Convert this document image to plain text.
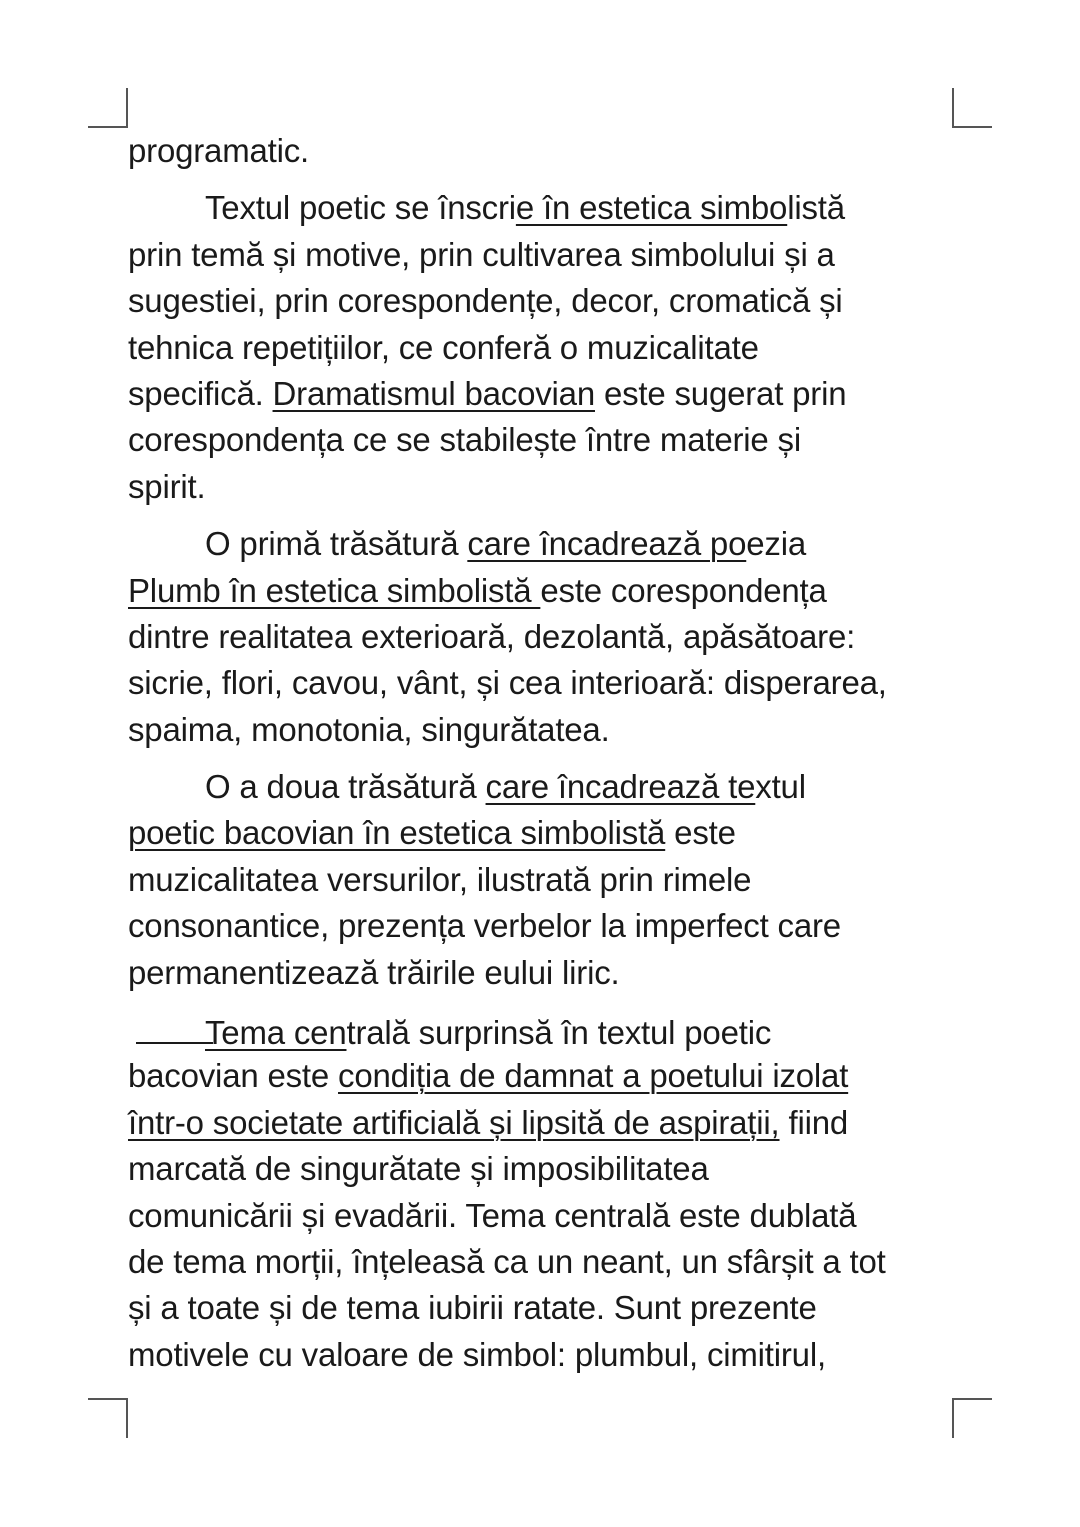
programatic.
Textul poetic se înscrie în estetica simbolistă
prin temă și motive, prin cultivarea simbolului și a
sugestiei, prin corespondențe, decor, cromatică și
tehnica repetițiilor, ce conferă o muzicalitate
specifică. Dramatismul bacovian este sugerat prin
corespondența ce se stabilește între materie și
spirit.
O primă trăsătură care încadrează poezia
Plumb în estetica simbolistă este corespondența
dintre realitatea exterioară, dezolantă, apăsătoare:
sicrie, flori, cavou, vânt, și cea interioară: disperarea,
spaima, monotonia, singurătatea.
O a doua trăsătură care încadrează textul
poetic bacovian în estetica simbolistă este
muzicalitatea versurilor, ilustrată prin rimele
consonantice, prezența verbelor la imperfect care
permanentizează trăirile eului liric.
Tema centrală surprinsă în textul poetic
bacovian este condiția de damnat a poetului izolat
într-o societate artificială și lipsită de aspirații, fiind
marcată de singurătate și imposibilitatea
comunicării și evadării. Tema centrală este dublată
de tema morții, înțeleasă ca un neant, un sfârșit a tot
și a toate și de tema iubirii ratate. Sunt prezente
motivele cu valoare de simbol: plumbul, cimitirul,
